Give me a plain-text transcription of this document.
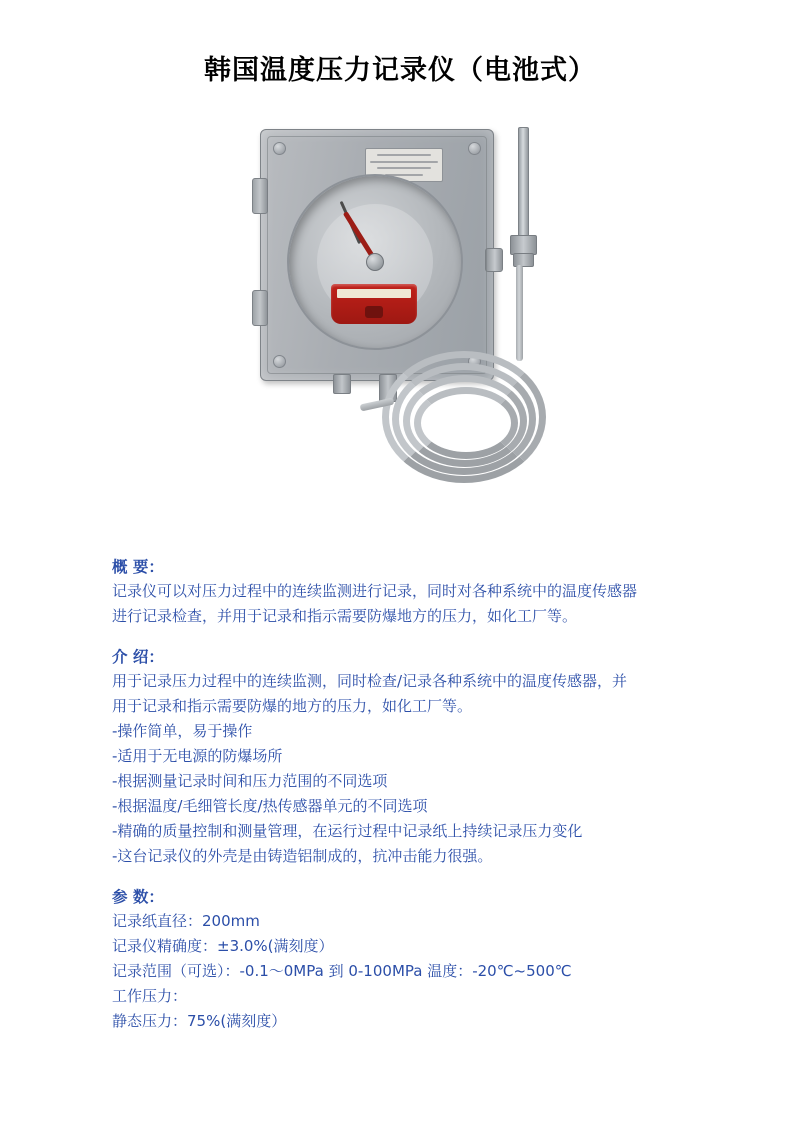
韩国温度压力记录仪（电池式）

概 要：

记录仪可以对压力过程中的连续监测进行记录，同时对各种系统中的温度传感器

进行记录检查，并用于记录和指示需要防爆地方的压力，如化工厂等。

介 绍：

用于记录压力过程中的连续监测，同时检查/记录各种系统中的温度传感器，并

用于记录和指示需要防爆的地方的压力，如化工厂等。

-操作简单，易于操作

-适用于无电源的防爆场所

-根据测量记录时间和压力范围的不同选项

-根据温度/毛细管长度/热传感器单元的不同选项

-精确的质量控制和测量管理，在运行过程中记录纸上持续记录压力变化

-这台记录仪的外壳是由铸造铝制成的，抗冲击能力很强。

参 数：

记录纸直径：200mm

记录仪精确度：±3.0%(满刻度）

记录范围（可选）：-0.1～0MPa 到 0-100MPa 温度：-20℃~500℃

工作压力：

静态压力：75%(满刻度）
